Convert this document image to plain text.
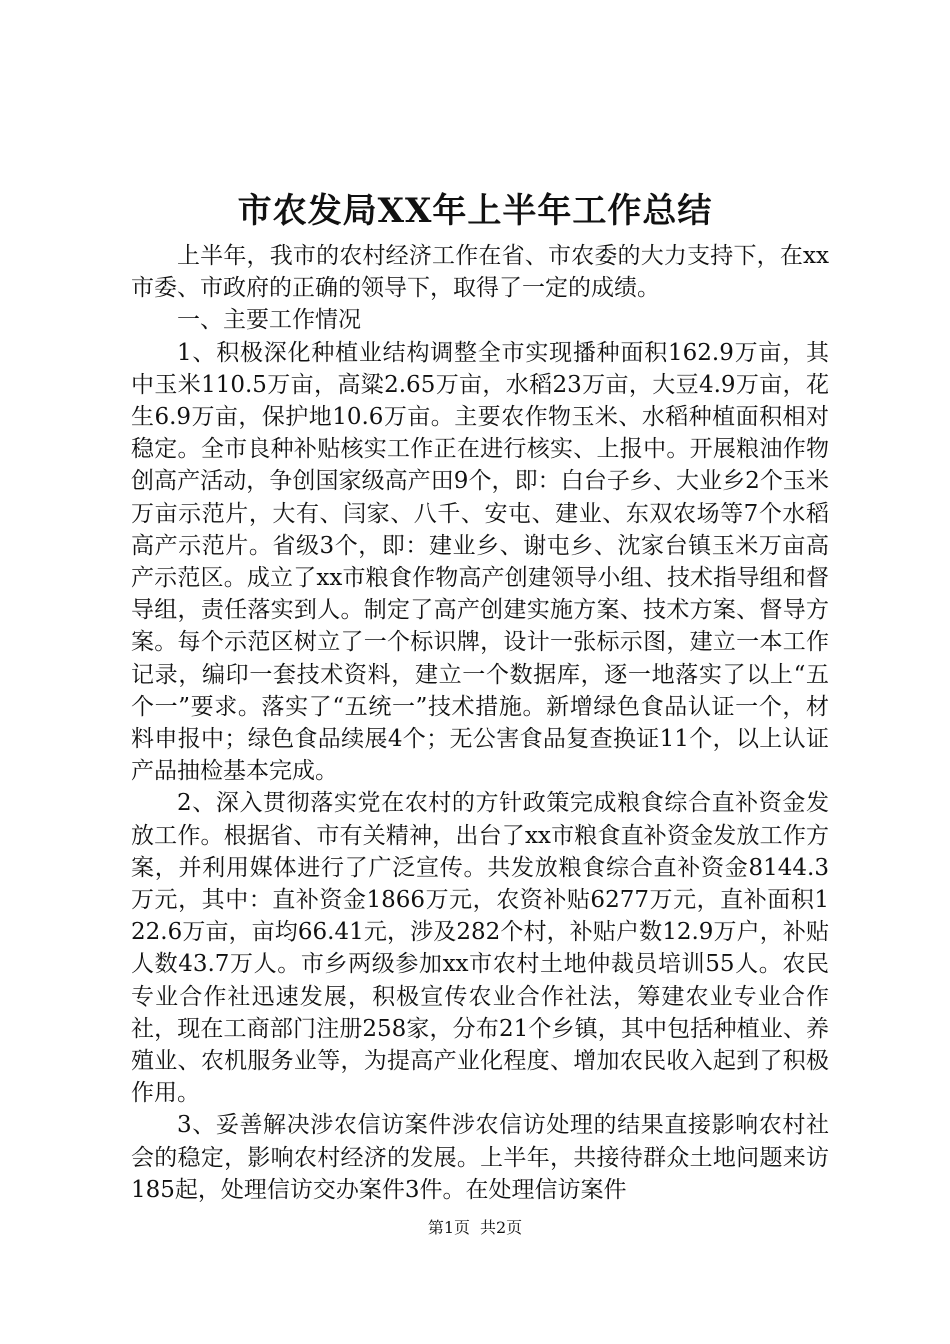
市农发局XX年上半年工作总结

上半年，我市的农村经济工作在省、市农委的大力支持下，在xx市委、市政府的正确的领导下，取得了一定的成绩。

一、主要工作情况

1、积极深化种植业结构调整全市实现播种面积162.9万亩，其中玉米110.5万亩，高粱2.65万亩，水稻23万亩，大豆4.9万亩，花生6.9万亩，保护地10.6万亩。主要农作物玉米、水稻种植面积相对稳定。全市良种补贴核实工作正在进行核实、上报中。开展粮油作物创高产活动，争创国家级高产田9个，即：白台子乡、大业乡2个玉米万亩示范片，大有、闫家、八千、安屯、建业、东双农场等7个水稻高产示范片。省级3个，即：建业乡、谢屯乡、沈家台镇玉米万亩高产示范区。成立了xx市粮食作物高产创建领导小组、技术指导组和督导组，责任落实到人。制定了高产创建实施方案、技术方案、督导方案。每个示范区树立了一个标识牌，设计一张标示图，建立一本工作记录，编印一套技术资料，建立一个数据库，逐一地落实了以上“五个一”要求。落实了“五统一”技术措施。新增绿色食品认证一个，材料申报中；绿色食品续展4个；无公害食品复查换证11个，以上认证产品抽检基本完成。

2、深入贯彻落实党在农村的方针政策完成粮食综合直补资金发放工作。根据省、市有关精神，出台了xx市粮食直补资金发放工作方案，并利用媒体进行了广泛宣传。共发放粮食综合直补资金8144.3万元，其中：直补资金1866万元，农资补贴6277万元，直补面积122.6万亩，亩均66.41元，涉及282个村，补贴户数12.9万户，补贴人数43.7万人。市乡两级参加xx市农村土地仲裁员培训55人。农民专业合作社迅速发展，积极宣传农业合作社法，筹建农业专业合作社，现在工商部门注册258家，分布21个乡镇，其中包括种植业、养殖业、农机服务业等，为提高产业化程度、增加农民收入起到了积极作用。

3、妥善解决涉农信访案件涉农信访处理的结果直接影响农村社会的稳定，影响农村经济的发展。上半年，共接待群众土地问题来访185起，处理信访交办案件3件。在处理信访案件

第1页 共2页
